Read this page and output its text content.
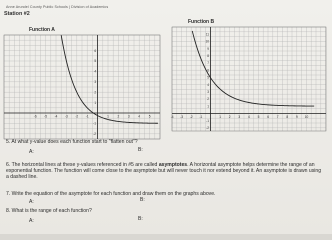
Anne Arundel County Public Schools | Division of Academics
Station #2
Function A
-6 -5 -4 -3 -2 -1	1	2	3	4	5
6
5
4
3
2
1
-1
-2
Function B
-4 -3 -2 -1	1 2 3 4 5 6 7 8 9 10
11
10
9
8
7
6
5
4
3
2
1
-1
-2
5. At what y-value does each function start to "flatten out"?
A:	B:
6. The horizontal lines at these y-values referenced in #5 are called asymptotes. A horizontal asymptote helps determine the range of an exponential function. The function will come close to the asymptote but will never touch it nor extend beyond it. An asymptote is drawn using a dashed line.
7. Write the equation of the asymptote for each function and draw them on the graphs above.
A:	B:
8. What is the range of each function?
A:	B:
